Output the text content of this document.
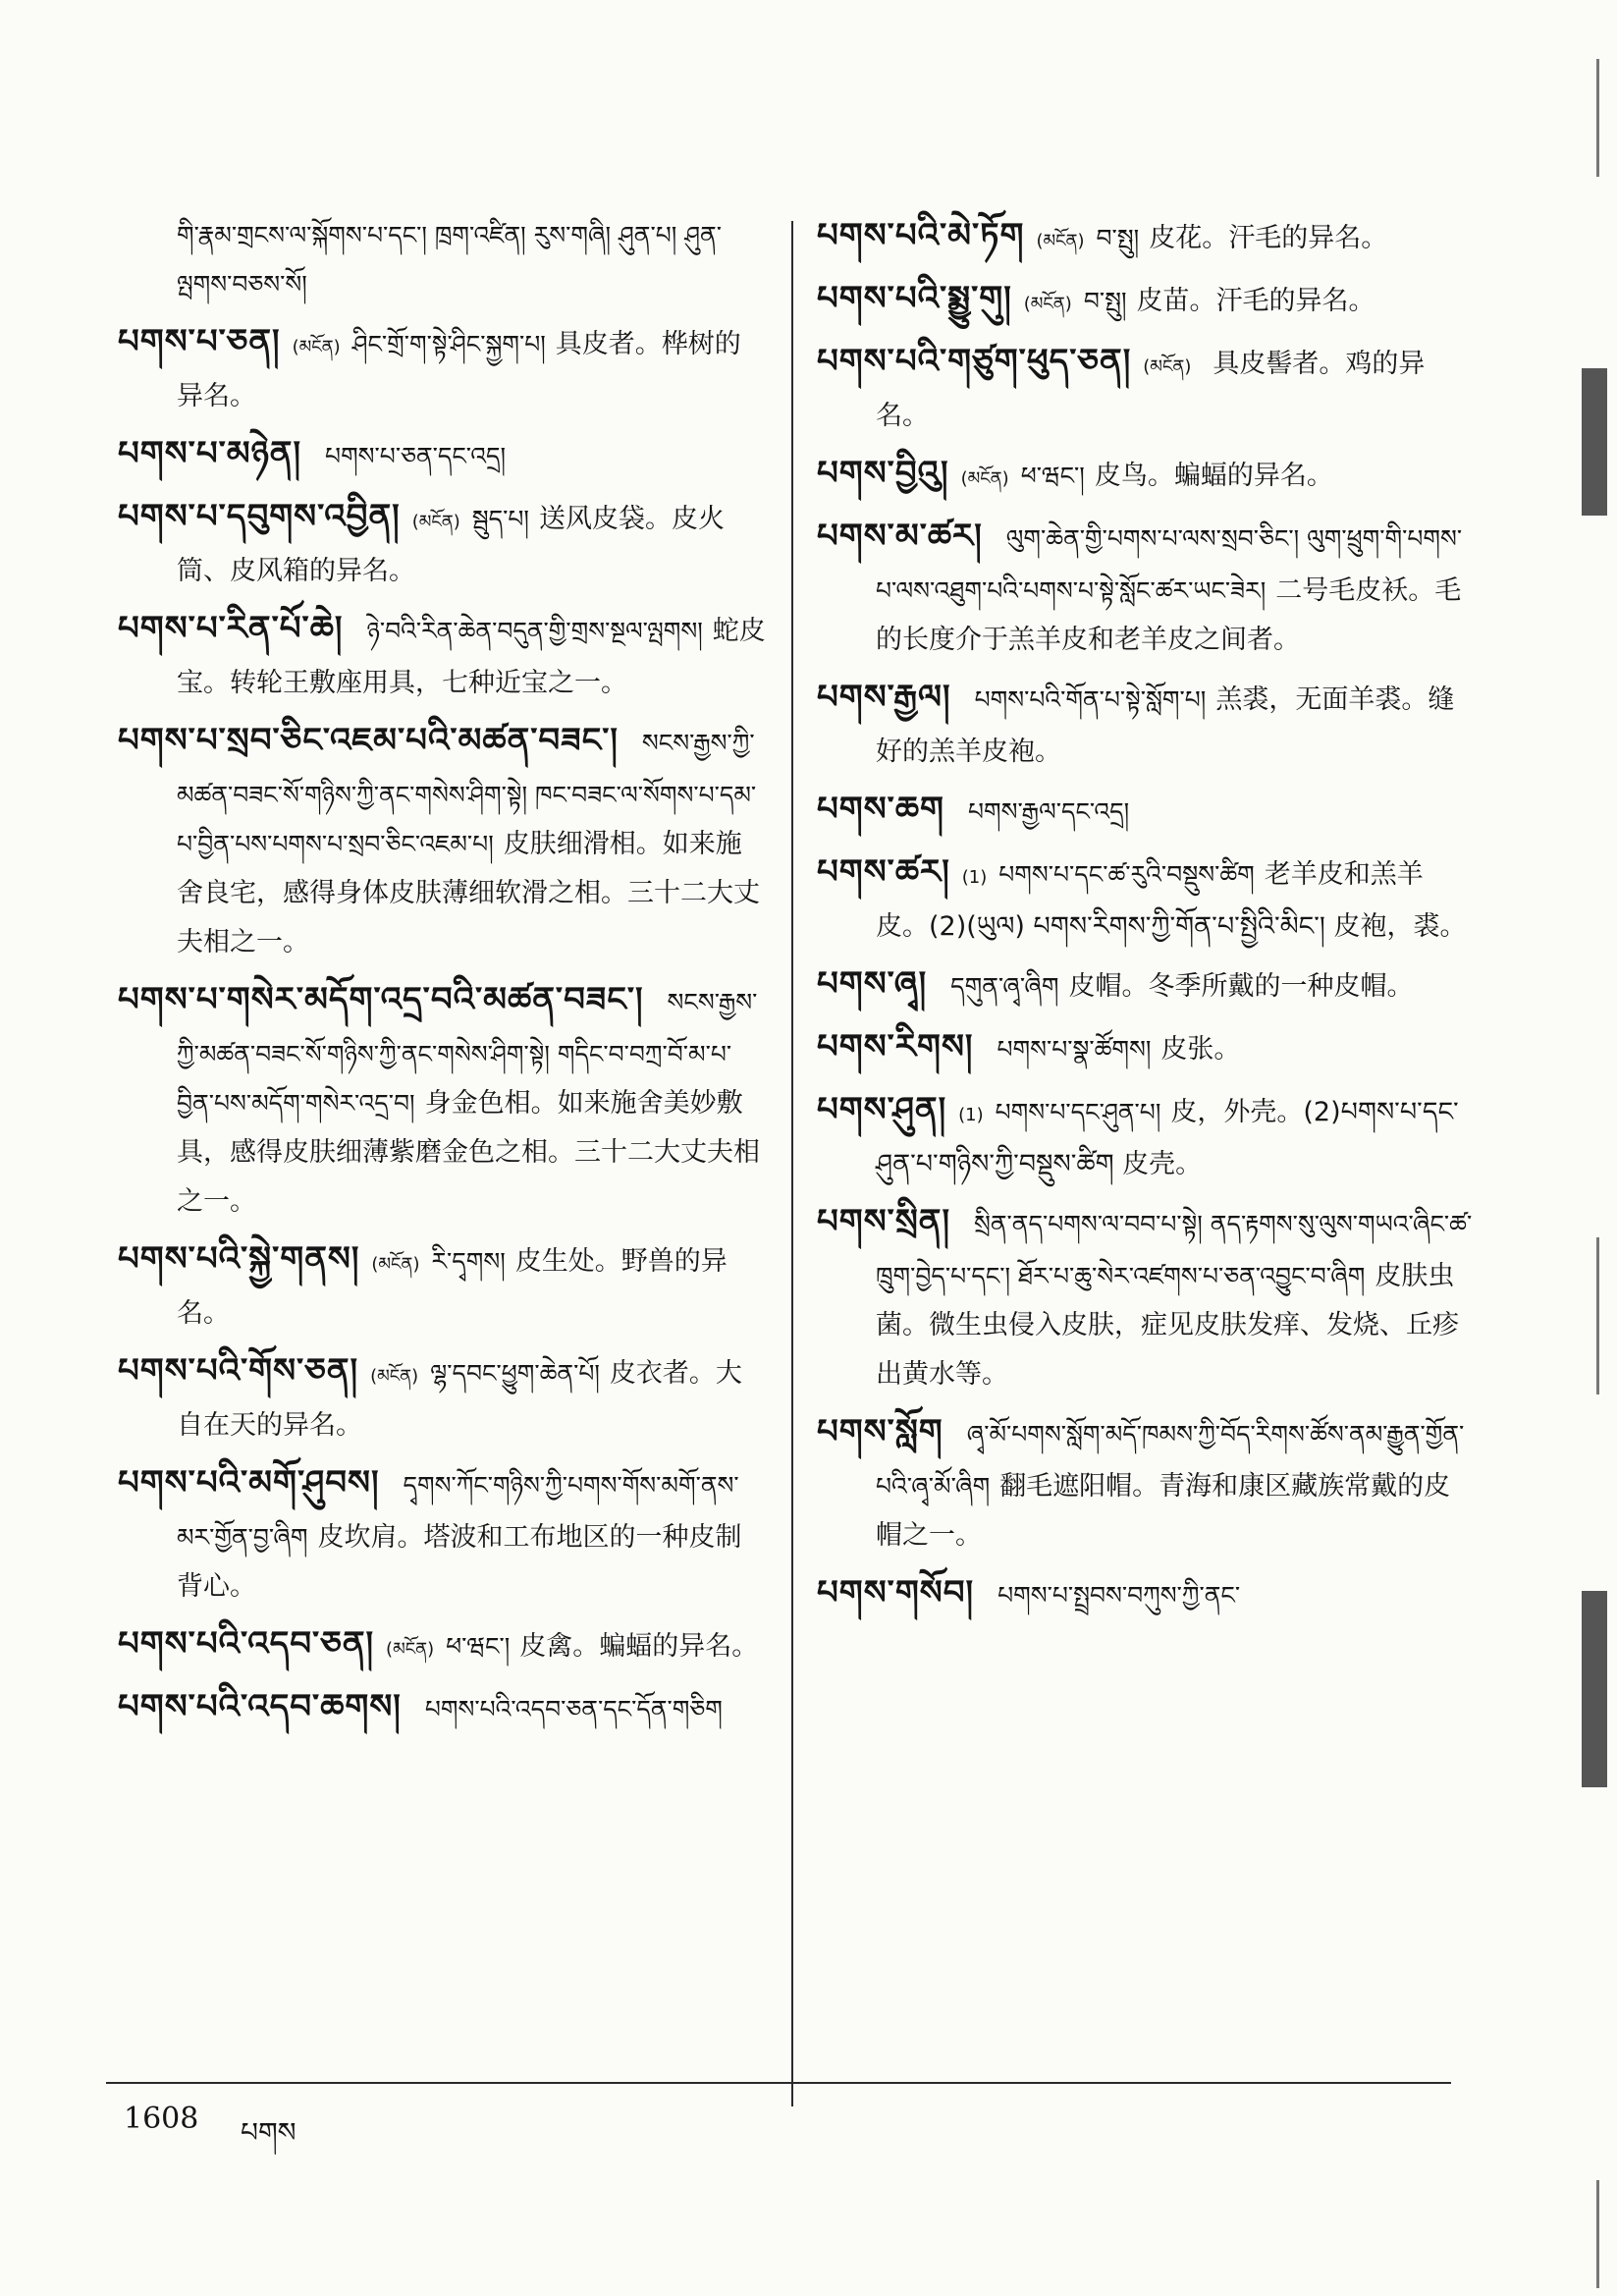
གི་རྣམ་གྲངས་ལ་སྐོགས་པ་དང་། ཁྲག་འཛིན། རུས་གཞི། ཤུན་པ། ཤུན་ལྤགས་བཅས་སོ།
པགས་པ་ཅན། (མངོན) ཤིང་གྲོ་ག་སྟེ་ཤིང་སྐྱག་པ། 具皮者。桦树的异名。
པགས་པ་མཉེན། པགས་པ་ཅན་དང་འདྲ།
པགས་པ་དབུགས་འབྱིན། (མངོན) སྦུད་པ། 送风皮袋。皮火筒、皮风箱的异名。
པགས་པ་རིན་པོ་ཆེ། ཉེ་བའི་རིན་ཆེན་བདུན་གྱི་གྲས་སྔལ་ལྤགས། 蛇皮宝。转轮王敷座用具，七种近宝之一。
པགས་པ་སྲབ་ཅིང་འཇམ་པའི་མཚན་བཟང་། སངས་རྒྱས་ཀྱི་མཚན་བཟང་སོ་གཉིས་ཀྱི་ནང་གསེས་ཤིག་སྟེ། ཁང་བཟང་ལ་སོགས་པ་དམ་པ་བྱིན་པས་པགས་པ་སྲབ་ཅིང་འཇམ་པ། 皮肤细滑相。如来施舍良宅，感得身体皮肤薄细软滑之相。三十二大丈夫相之一。
པགས་པ་གསེར་མདོག་འདྲ་བའི་མཚན་བཟང་། སངས་རྒྱས་ཀྱི་མཚན་བཟང་སོ་གཉིས་ཀྱི་ནང་གསེས་ཤིག་སྟེ། གདིང་བ་བཀྲ་བོ་མ་པ་བྱིན་པས་མདོག་གསེར་འདྲ་བ། 身金色相。如来施舍美妙敷具，感得皮肤细薄紫磨金色之相。三十二大丈夫相之一。
པགས་པའི་སྐྱེ་གནས། (མངོན) རི་དྭགས། 皮生处。野兽的异名。
པགས་པའི་གོས་ཅན། (མངོན) ལྷ་དབང་ཕྱུག་ཆེན་པོ། 皮衣者。大自在天的异名。
པགས་པའི་མགོ་ཤུབས། དྭགས་ཀོང་གཉིས་ཀྱི་པགས་གོས་མགོ་ནས་མར་གྱོན་བྱ་ཞིག 皮坎肩。塔波和工布地区的一种皮制背心。
པགས་པའི་འདབ་ཅན། (མངོན) ཕ་ཝང་། 皮禽。蝙蝠的异名。
པགས་པའི་འདབ་ཆགས། པགས་པའི་འདབ་ཅན་དང་དོན་གཅིག
པགས་པའི་མེ་ཏོག (མངོན) བ་སྤུ། 皮花。汗毛的异名。
པགས་པའི་སྨྱུ་གུ། (མངོན) བ་སྤུ། 皮苗。汗毛的异名。
པགས་པའི་གཙུག་ཕུད་ཅན། (མངོན) 具皮髻者。鸡的异名。
པགས་བྱིའུ། (མངོན) ཕ་ཝང་། 皮鸟。蝙蝠的异名。
པགས་མ་ཚར། ལུག་ཆེན་གྱི་པགས་པ་ལས་སྲབ་ཅིང་། ལུག་ཕྲུག་གི་པགས་པ་ལས་འཐུག་པའི་པགས་པ་སྟེ་སློང་ཚར་ཡང་ཟེར། 二号毛皮袄。毛的长度介于羔羊皮和老羊皮之间者。
པགས་རྒྱལ། པགས་པའི་གོན་པ་སྟེ་སློག་པ། 羔裘，无面羊裘。缝好的羔羊皮袍。
པགས་ཆག པགས་རྒྱལ་དང་འདྲ།
པགས་ཚར། (1) པགས་པ་དང་ཚ་རུའི་བསྡུས་ཚིག 老羊皮和羔羊皮。(2)(ཡུལ) པགས་རིགས་ཀྱི་གོན་པ་སྤྱིའི་མིང་། 皮袍，裘。
པགས་ཞྭ། དགུན་ཞྭ་ཞིག 皮帽。冬季所戴的一种皮帽。
པགས་རིགས། པགས་པ་སྣ་ཚོགས། 皮张。
པགས་ཤུན། (1) པགས་པ་དང་ཤུན་པ། 皮，外壳。(2)པགས་པ་དང་ཤུན་པ་གཉིས་ཀྱི་བསྡུས་ཚིག 皮壳。
པགས་སྲིན། སྲིན་ནད་པགས་ལ་བབ་པ་སྟེ། ནད་རྟགས་སུ་ལུས་གཡའ་ཞིང་ཚ་ཁྲུག་བྱེད་པ་དང་། ཐོར་པ་ཆུ་སེར་འཛགས་པ་ཅན་འབྱུང་བ་ཞིག 皮肤虫菌。微生虫侵入皮肤，症见皮肤发痒、发烧、丘疹出黄水等。
པགས་སློག ཞྭ་མོ་པགས་སློག་མདོ་ཁམས་ཀྱི་བོད་རིགས་ཚོས་ནམ་རྒྱུན་གྱོན་པའི་ཞྭ་མོ་ཞིག 翻毛遮阳帽。青海和康区藏族常戴的皮帽之一。
པགས་གསོབ། པགས་པ་སྤྲབས་བཀུས་ཀྱི་ནང་
1608 པགས
